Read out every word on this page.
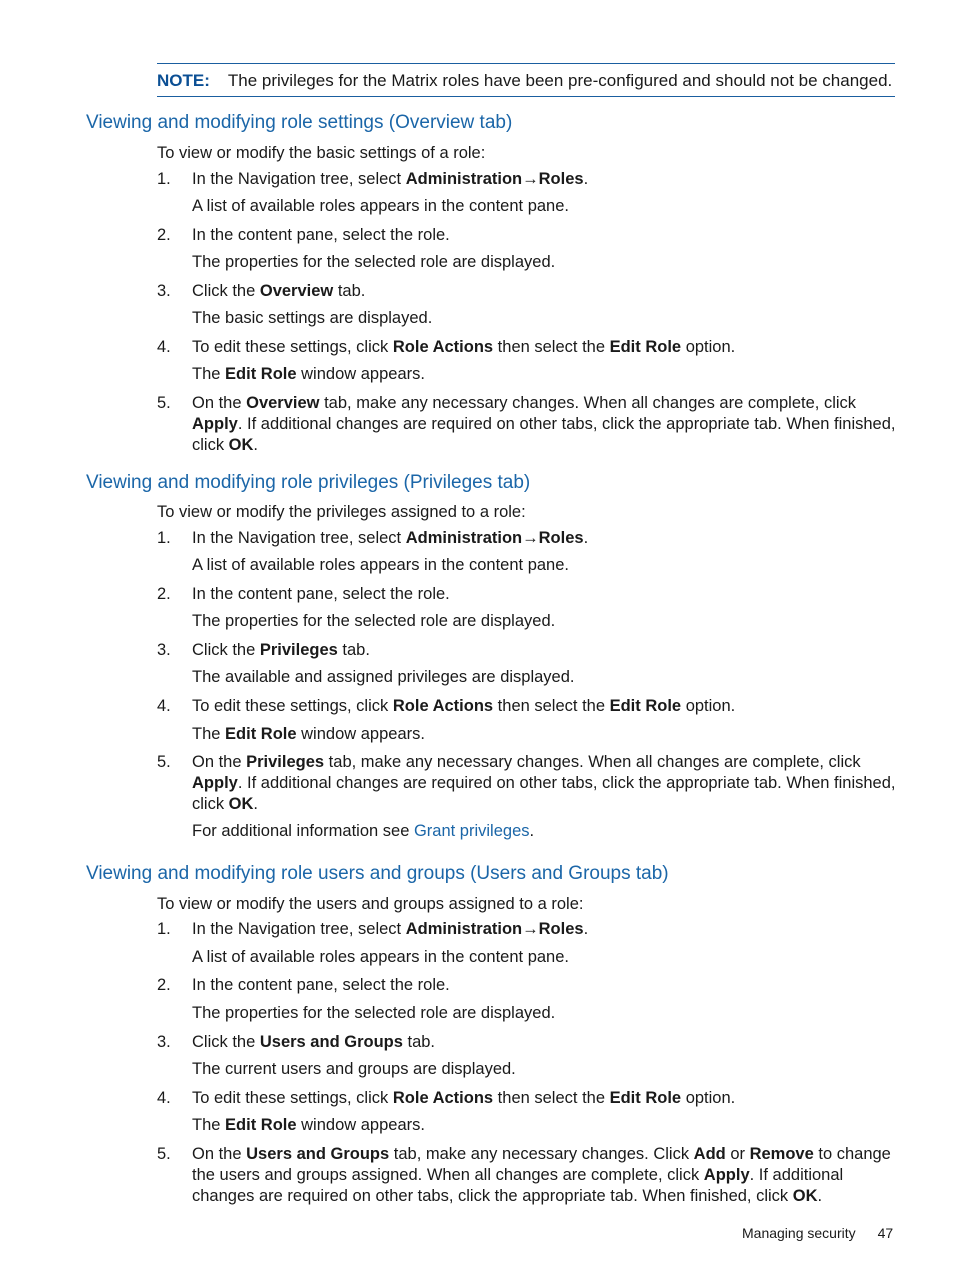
NOTE: The privileges for the Matrix roles have been pre-configured and should not be changed.
Viewing and modifying role settings (Overview tab)

To view or modify the basic settings of a role:

1. In the Navigation tree, select Administration→Roles.

A list of available roles appears in the content pane.

2. In the content pane, select the role.

The properties for the selected role are displayed.

3. Click the Overview tab.

The basic settings are displayed.

4. To edit these settings, click Role Actions then select the Edit Role option.

The Edit Role window appears.

5. On the Overview tab, make any necessary changes. When all changes are complete, click Apply. If additional changes are required on other tabs, click the appropriate tab. When finished, click OK.

Viewing and modifying role privileges (Privileges tab)

To view or modify the privileges assigned to a role:

1. In the Navigation tree, select Administration→Roles.

A list of available roles appears in the content pane.

2. In the content pane, select the role.

The properties for the selected role are displayed.

3. Click the Privileges tab.

The available and assigned privileges are displayed.

4. To edit these settings, click Role Actions then select the Edit Role option.

The Edit Role window appears.

5. On the Privileges tab, make any necessary changes. When all changes are complete, click Apply. If additional changes are required on other tabs, click the appropriate tab. When finished, click OK.

For additional information see Grant privileges.

Viewing and modifying role users and groups (Users and Groups tab)

To view or modify the users and groups assigned to a role:

1. In the Navigation tree, select Administration→Roles.

A list of available roles appears in the content pane.

2. In the content pane, select the role.

The properties for the selected role are displayed.

3. Click the Users and Groups tab.

The current users and groups are displayed.

4. To edit these settings, click Role Actions then select the Edit Role option.

The Edit Role window appears.

5. On the Users and Groups tab, make any necessary changes. Click Add or Remove to change the users and groups assigned. When all changes are complete, click Apply. If additional changes are required on other tabs, click the appropriate tab. When finished, click OK.

Managing security 47
